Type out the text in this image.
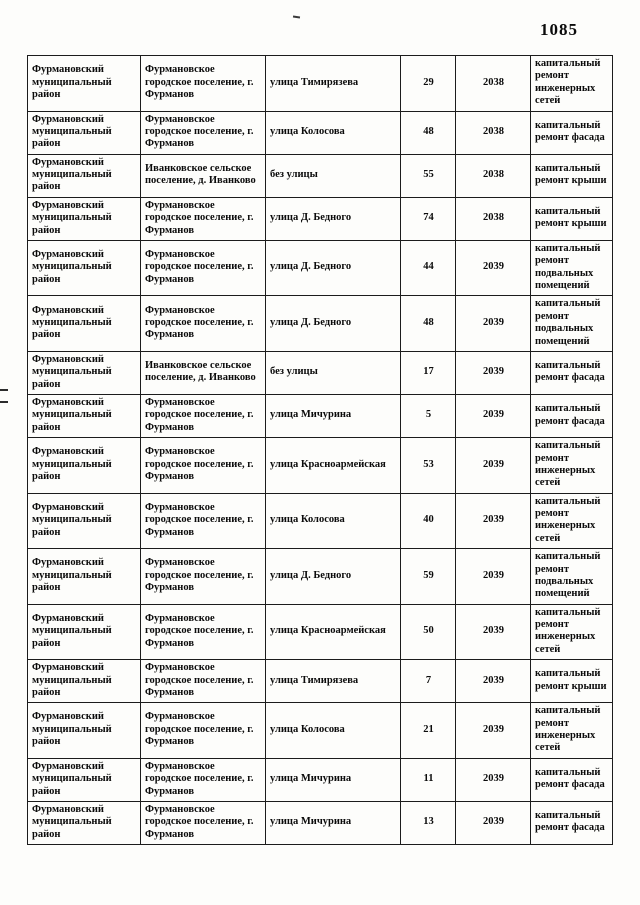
1085
Фурмановский муниципальный район	Фурмановское городское поселение, г. Фурманов	улица Тимирязева	29	2038	капитальный ремонт инженерных сетей
Фурмановский муниципальный район	Фурмановское городское поселение, г. Фурманов	улица Колосова	48	2038	капитальный ремонт фасада
Фурмановский муниципальный район	Иванковское сельское поселение, д. Иванково	без улицы	55	2038	капитальный ремонт крыши
Фурмановский муниципальный район	Фурмановское городское поселение, г. Фурманов	улица Д. Бедного	74	2038	капитальный ремонт крыши
Фурмановский муниципальный район	Фурмановское городское поселение, г. Фурманов	улица Д. Бедного	44	2039	капитальный ремонт подвальных помещений
Фурмановский муниципальный район	Фурмановское городское поселение, г. Фурманов	улица Д. Бедного	48	2039	капитальный ремонт подвальных помещений
Фурмановский муниципальный район	Иванковское сельское поселение, д. Иванково	без улицы	17	2039	капитальный ремонт фасада
Фурмановский муниципальный район	Фурмановское городское поселение, г. Фурманов	улица Мичурина	5	2039	капитальный ремонт фасада
Фурмановский муниципальный район	Фурмановское городское поселение, г. Фурманов	улица Красноармейская	53	2039	капитальный ремонт инженерных сетей
Фурмановский муниципальный район	Фурмановское городское поселение, г. Фурманов	улица Колосова	40	2039	капитальный ремонт инженерных сетей
Фурмановский муниципальный район	Фурмановское городское поселение, г. Фурманов	улица Д. Бедного	59	2039	капитальный ремонт подвальных помещений
Фурмановский муниципальный район	Фурмановское городское поселение, г. Фурманов	улица Красноармейская	50	2039	капитальный ремонт инженерных сетей
Фурмановский муниципальный район	Фурмановское городское поселение, г. Фурманов	улица Тимирязева	7	2039	капитальный ремонт крыши
Фурмановский муниципальный район	Фурмановское городское поселение, г. Фурманов	улица Колосова	21	2039	капитальный ремонт инженерных сетей
Фурмановский муниципальный район	Фурмановское городское поселение, г. Фурманов	улица Мичурина	11	2039	капитальный ремонт фасада
Фурмановский муниципальный район	Фурмановское городское поселение, г. Фурманов	улица Мичурина	13	2039	капитальный ремонт фасада
